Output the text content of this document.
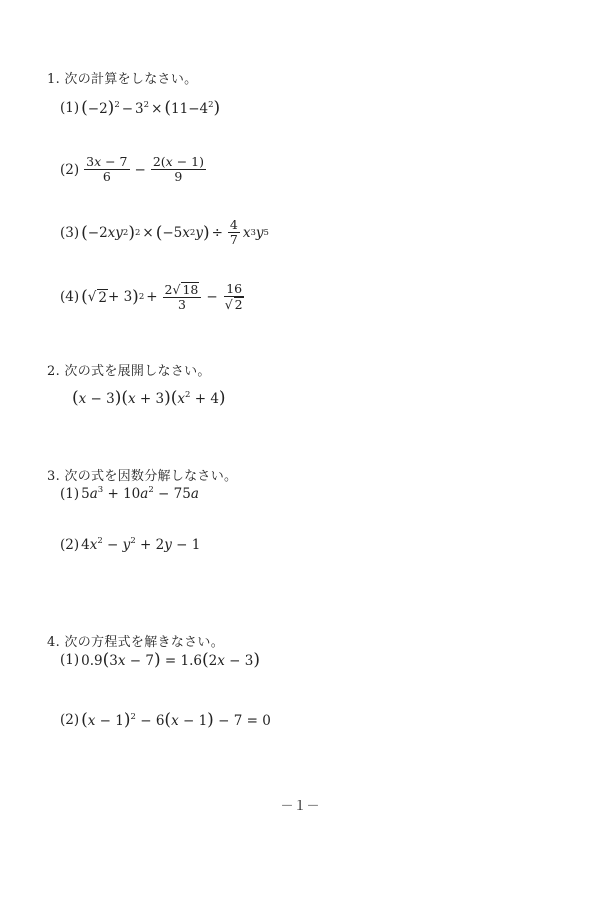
1. 次の計算をしなさい。
(1) $(-2)^2 - 3^2 \times (11-4^2)$
(2)
3x − 7
$6 - \frac{2(x - 1)}{9}$
(3) ( −2 xy 2 ) 2 × ( −5 x 2 y ) ÷ $\frac{4}{7}$ x 3 y 5
(4) ( √ 2 + 3 ) $2 + \frac{2√ 18}{3} - \frac{16}{√ 2}$
2. 次の式を展開しなさい。
$(x - 3)(x + 3)(x^2 + 4)$
3. 次の式を因数分解しなさい。
(1) $5a^3 + 10a^2 - 75a$
(2) $4x^2 - y^2 + 2y - 1$
4. 次の方程式を解きなさい。
(1) 0.9(3x − 7) = 1.6(2x − 3)
(2) $(x - 1)^2 - 6(x - 1) - 7 = 0$
－１－
